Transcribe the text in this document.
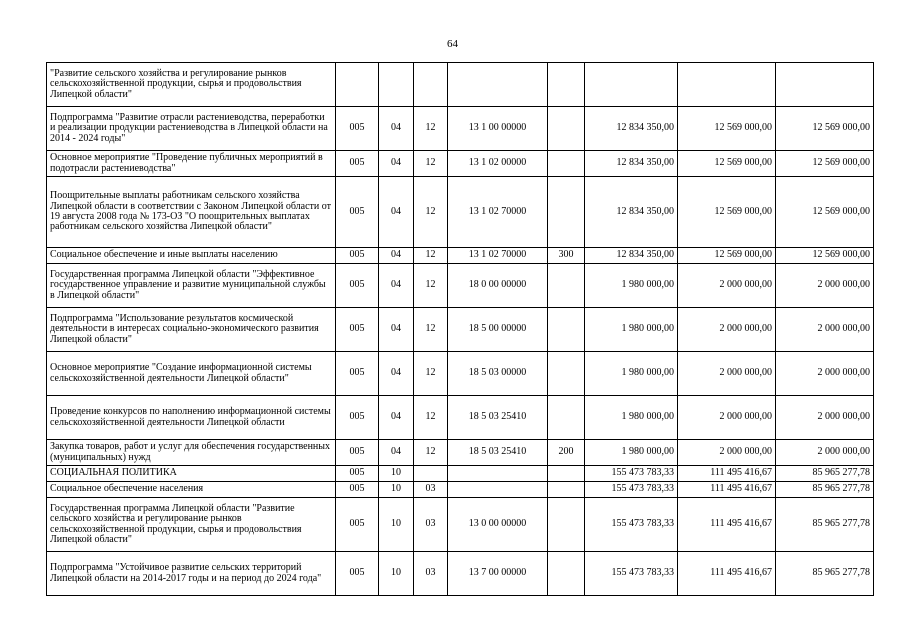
64
"Развитие сельского хозяйства и регулирование рынков сельскохозяйственной продукции, сырья и продовольствия Липецкой области"								
Подпрограмма "Развитие отрасли растениеводства, переработки и реализации продукции растениеводства в Липецкой области на 2014 - 2024 годы"	005	04	12	13 1 00 00000		12 834 350,00	12 569 000,00	12 569 000,00
Основное мероприятие "Проведение публичных мероприятий в подотрасли растениеводства"	005	04	12	13 1 02 00000		12 834 350,00	12 569 000,00	12 569 000,00
Поощрительные выплаты работникам сельского хозяйства Липецкой области в соответствии с Законом Липецкой области от 19 августа 2008 года № 173-ОЗ "О поощрительных выплатах работникам сельского хозяйства Липецкой области"	005	04	12	13 1 02 70000		12 834 350,00	12 569 000,00	12 569 000,00
Социальное обеспечение и иные выплаты населению	005	04	12	13 1 02 70000	300	12 834 350,00	12 569 000,00	12 569 000,00
Государственная программа Липецкой области "Эффективное государственное управление и развитие муниципальной службы в Липецкой области"	005	04	12	18 0 00 00000		1 980 000,00	2 000 000,00	2 000 000,00
Подпрограмма "Использование результатов космической деятельности в интересах социально-экономического развития Липецкой области"	005	04	12	18 5 00 00000		1 980 000,00	2 000 000,00	2 000 000,00
Основное мероприятие "Создание информационной системы сельскохозяйственной деятельности Липецкой области"	005	04	12	18 5 03 00000		1 980 000,00	2 000 000,00	2 000 000,00
Проведение конкурсов по наполнению информационной системы сельскохозяйственной деятельности Липецкой области	005	04	12	18 5 03 25410		1 980 000,00	2 000 000,00	2 000 000,00
Закупка товаров, работ и услуг для обеспечения государственных (муниципальных) нужд	005	04	12	18 5 03 25410	200	1 980 000,00	2 000 000,00	2 000 000,00
СОЦИАЛЬНАЯ ПОЛИТИКА	005	10				155 473 783,33	111 495 416,67	85 965 277,78
Социальное обеспечение населения	005	10	03			155 473 783,33	111 495 416,67	85 965 277,78
Государственная программа Липецкой области "Развитие сельского хозяйства и регулирование рынков сельскохозяйственной продукции, сырья и продовольствия Липецкой области"	005	10	03	13 0 00 00000		155 473 783,33	111 495 416,67	85 965 277,78
Подпрограмма "Устойчивое развитие сельских территорий Липецкой области на 2014-2017 годы и на период до 2024 года"	005	10	03	13 7 00 00000		155 473 783,33	111 495 416,67	85 965 277,78
